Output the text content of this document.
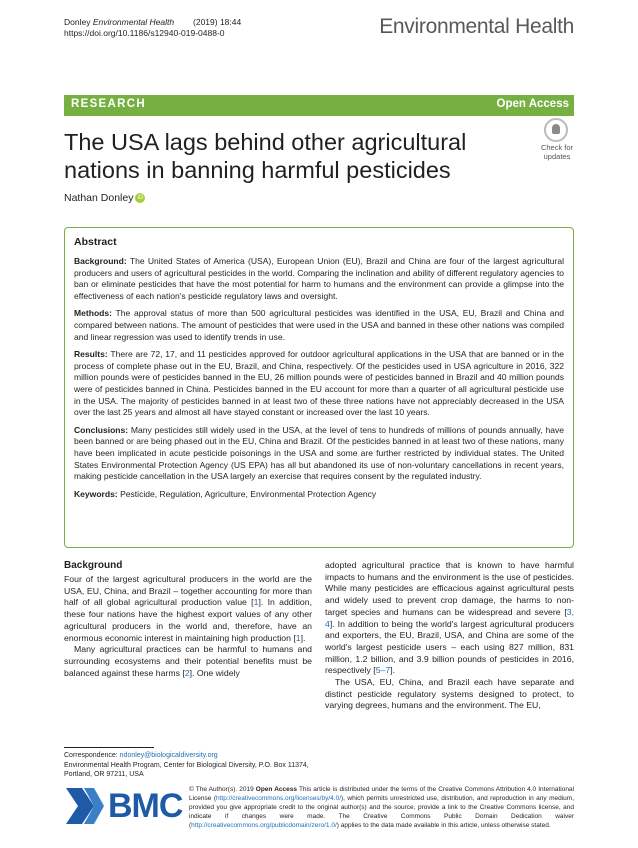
Donley Environmental Health (2019) 18:44
https://doi.org/10.1186/s12940-019-0488-0	Environmental Health
RESEARCH	Open Access
The USA lags behind other agricultural nations in banning harmful pesticides
Check for
updates
Nathan Donley iD
Abstract

Background: The United States of America (USA), European Union (EU), Brazil and China are four of the largest agricultural producers and users of agricultural pesticides in the world. Comparing the inclination and ability of different regulatory agencies to ban or eliminate pesticides that have the most potential for harm to humans and the environment can provide a glimpse into the effectiveness of each nation's pesticide regulatory laws and oversight.

Methods: The approval status of more than 500 agricultural pesticides was identified in the USA, EU, Brazil and China and compared between nations. The amount of pesticides that were used in the USA and banned in these other nations was compiled and linear regression was used to identify trends in use.

Results: There are 72, 17, and 11 pesticides approved for outdoor agricultural applications in the USA that are banned or in the process of complete phase out in the EU, Brazil, and China, respectively. Of the pesticides used in USA agriculture in 2016, 322 million pounds were of pesticides banned in the EU, 26 million pounds were of pesticides banned in Brazil and 40 million pounds were of pesticides banned in China. Pesticides banned in the EU account for more than a quarter of all agricultural pesticide use in the USA. The majority of pesticides banned in at least two of these three nations have not appreciably decreased in the USA over the last 25 years and almost all have stayed constant or increased over the last 10 years.

Conclusions: Many pesticides still widely used in the USA, at the level of tens to hundreds of millions of pounds annually, have been banned or are being phased out in the EU, China and Brazil. Of the pesticides banned in at least two of these nations, many have been implicated in acute pesticide poisonings in the USA and some are further restricted by individual states. The United States Environmental Protection Agency (US EPA) has all but abandoned its use of non-voluntary cancellations in recent years, making pesticide cancellation in the USA largely an exercise that requires consent by the regulated industry.

Keywords: Pesticide, Regulation, Agriculture, Environmental Protection Agency

Background

Four of the largest agricultural producers in the world are the USA, EU, China, and Brazil – together accounting for more than half of all global agricultural production value [1]. In addition, these four nations have the highest export values of any other agricultural producers in the world and, therefore, have an enormous economic interest in maintaining high production [1].

Many agricultural practices can be harmful to humans and surrounding ecosystems and their potential benefits must be balanced against these harms [2]. One widely

adopted agricultural practice that is known to have harmful impacts to humans and the environment is the use of pesticides. While many pesticides are efficacious against agricultural pests and widely used to prevent crop damage, the harms to non-target species and humans can be widespread and severe [3, 4]. In addition to being the world's largest agricultural producers and exporters, the EU, Brazil, USA, and China are some of the world's largest pesticide users – each using 827 million, 831 million, 1.2 billion, and 3.9 billion pounds of pesticides in 2016, respectively [5–7].

The USA, EU, China, and Brazil each have separate and distinct pesticide regulatory systems designed to protect, to varying degrees, humans and the environment. The EU,

Correspondence: ndonley@biologicaldiversity.org
Environmental Health Program, Center for Biological Diversity, P.O. Box 11374, Portland, OR 97211, USA
BMC © The Author(s). 2019 Open Access This article is distributed under the terms of the Creative Commons Attribution 4.0 International License (http://creativecommons.org/licenses/by/4.0/), which permits unrestricted use, distribution, and reproduction in any medium, provided you give appropriate credit to the original author(s) and the source, provide a link to the Creative Commons license, and indicate if changes were made. The Creative Commons Public Domain Dedication waiver (http://creativecommons.org/publicdomain/zero/1.0/) applies to the data made available in this article, unless otherwise stated.
